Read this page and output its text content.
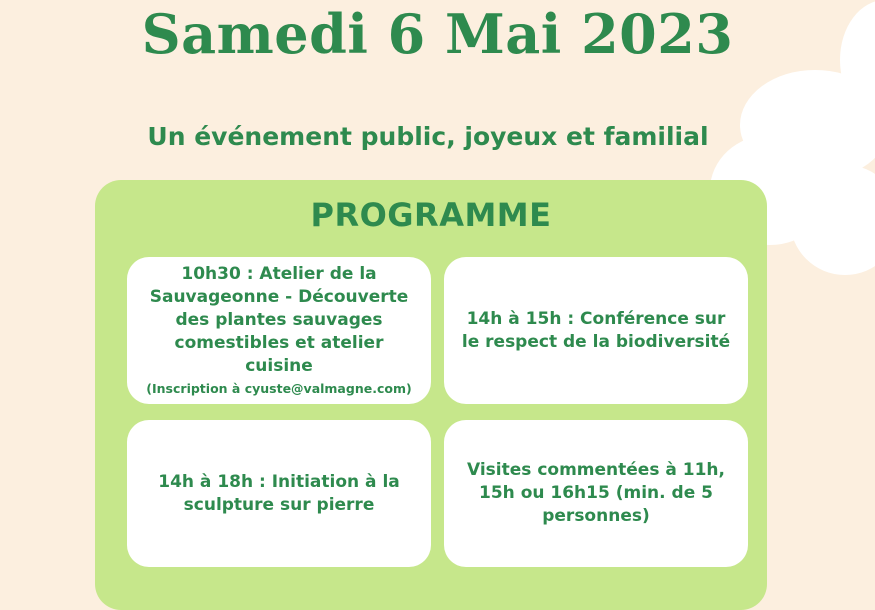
Samedi 6 Mai 2023
Un événement public, joyeux et familial
PROGRAMME
10h30 : Atelier de la Sauvageonne - Découverte des plantes sauvages comestibles et atelier cuisine
(Inscription à cyuste@valmagne.com)
14h à 15h : Conférence sur le respect de la biodiversité
14h à 18h : Initiation à la sculpture sur pierre
Visites commentées à 11h, 15h ou 16h15 (min. de 5 personnes)
